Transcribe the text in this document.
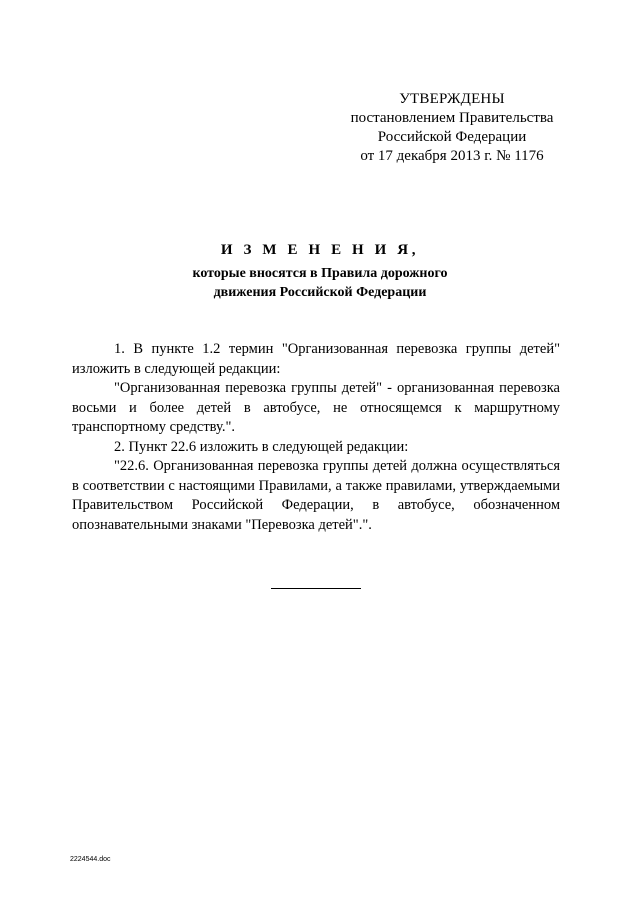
УТВЕРЖДЕНЫ
постановлением Правительства
Российской Федерации
от 17 декабря 2013 г. № 1176
И З М Е Н Е Н И Я,
которые вносятся в Правила дорожного
движения Российской Федерации

1. В пункте 1.2 термин "Организованная перевозка группы детей" изложить в следующей редакции:

"Организованная перевозка группы детей" - организованная перевозка восьми и более детей в автобусе, не относящемся к маршрутному транспортному средству.".

2. Пункт 22.6 изложить в следующей редакции:

"22.6. Организованная перевозка группы детей должна осуществляться в соответствии с настоящими Правилами, а также правилами, утверждаемыми Правительством Российской Федерации, в автобусе, обозначенном опознавательными знаками "Перевозка детей".".

2224544.doc
